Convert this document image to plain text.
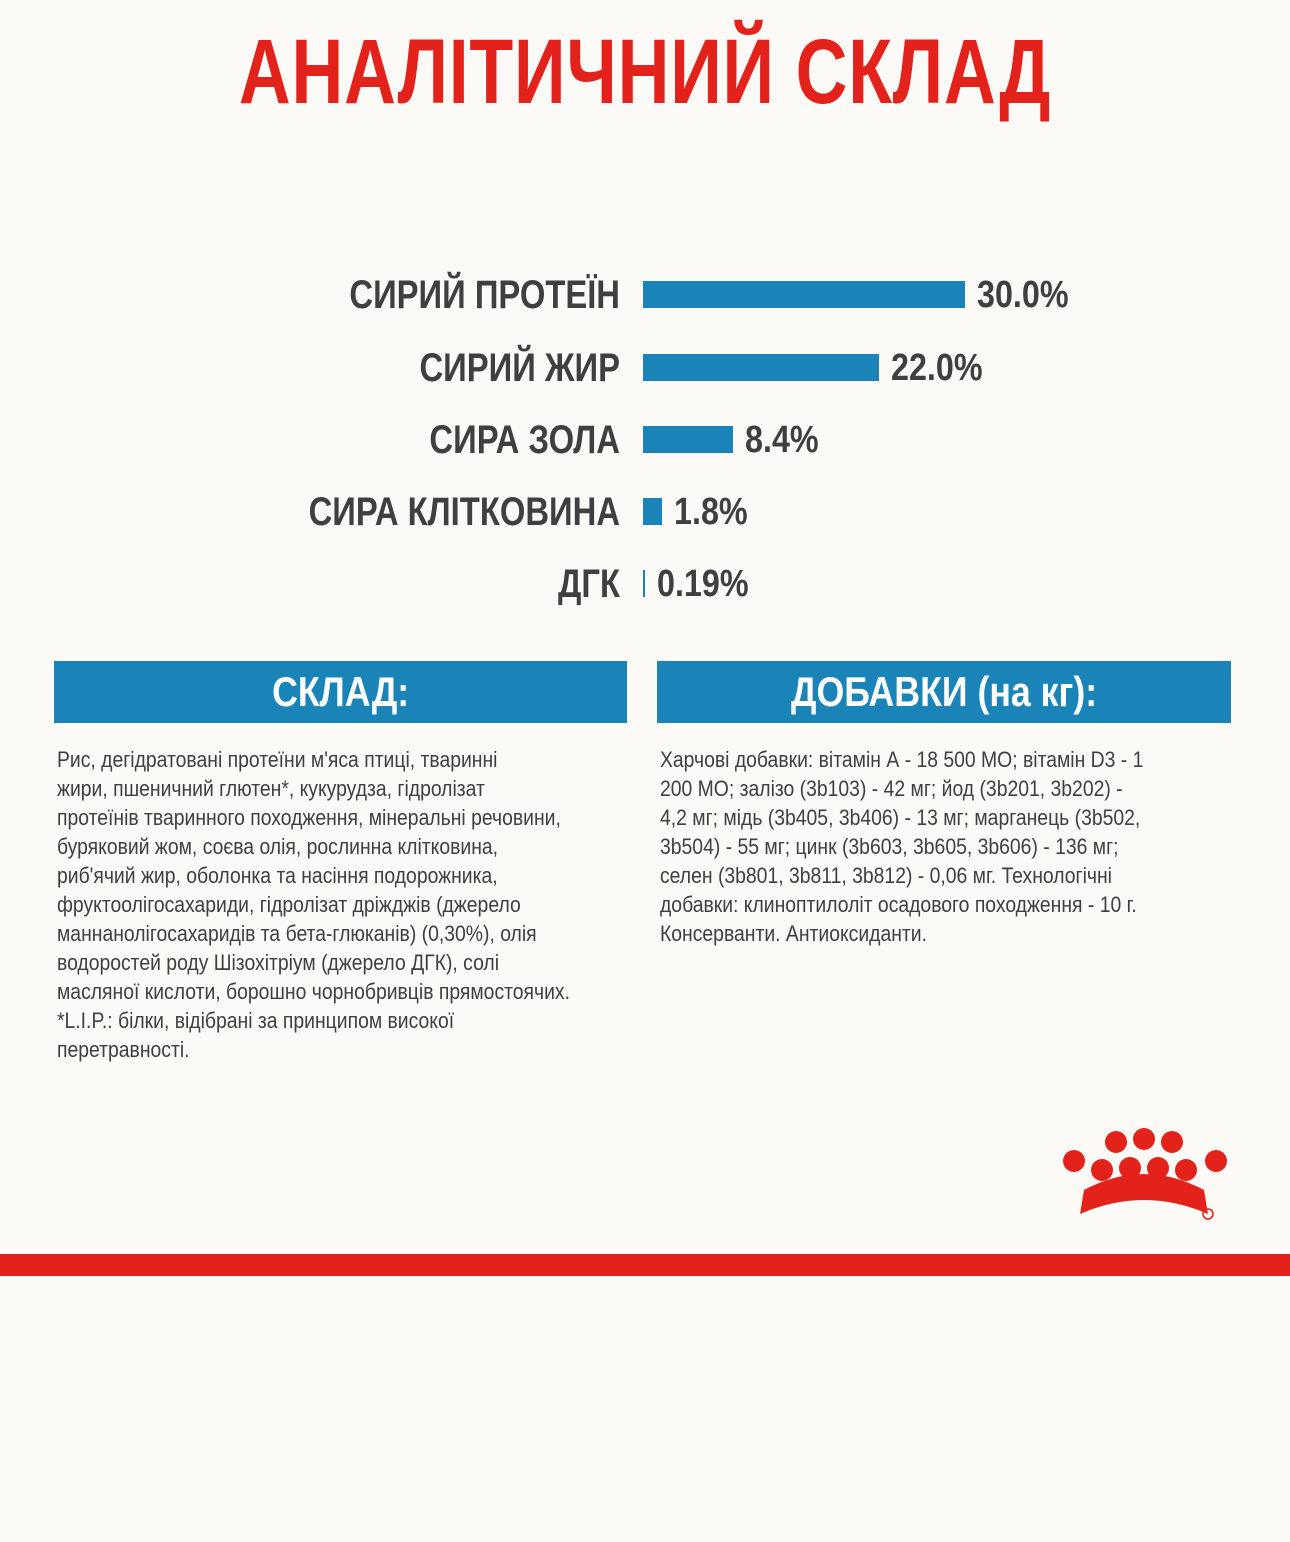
АНАЛІТИЧНИЙ СКЛАД
СИРИЙ ПРОТЕЇН	30.0%
СИРИЙ ЖИР	22.0%
СИРА ЗОЛА	8.4%
СИРА КЛІТКОВИНА 1.8%
ДГК 0.19%
СКЛАД:
Рис, дегідратовані протеїни м'яса птиці, тваринні
жири, пшеничний глютен*, кукурудза, гідролізат
протеїнів тваринного походження, мінеральні речовини,
буряковий жом, соєва олія, рослинна клітковина,
риб'ячий жир, оболонка та насіння подорожника,
фруктоолігосахариди, гідролізат дріжджів (джерело
маннанолігосахаридів та бета-глюканів) (0,30%), олія
водоростей роду Шізохітріум (джерело ДГК), солі
масляної кислоти, борошно чорнобривців прямостоячих.
*L.I.P.: білки, відібрані за принципом високої
перетравності.
ДОБАВКИ (на кг):
Харчові добавки: вітамін А - 18 500 МО; вітамін D3 - 1
200 МО; залізо (3b103) - 42 мг; йод (3b201, 3b202) -
4,2 мг; мідь (3b405, 3b406) - 13 мг; марганець (3b502,
3b504) - 55 мг; цинк (3b603, 3b605, 3b606) - 136 мг;
селен (3b801, 3b811, 3b812) - 0,06 мг. Технологічні
добавки: клиноптилоліт осадового походження - 10 г.
Консерванти. Антиоксиданти.
